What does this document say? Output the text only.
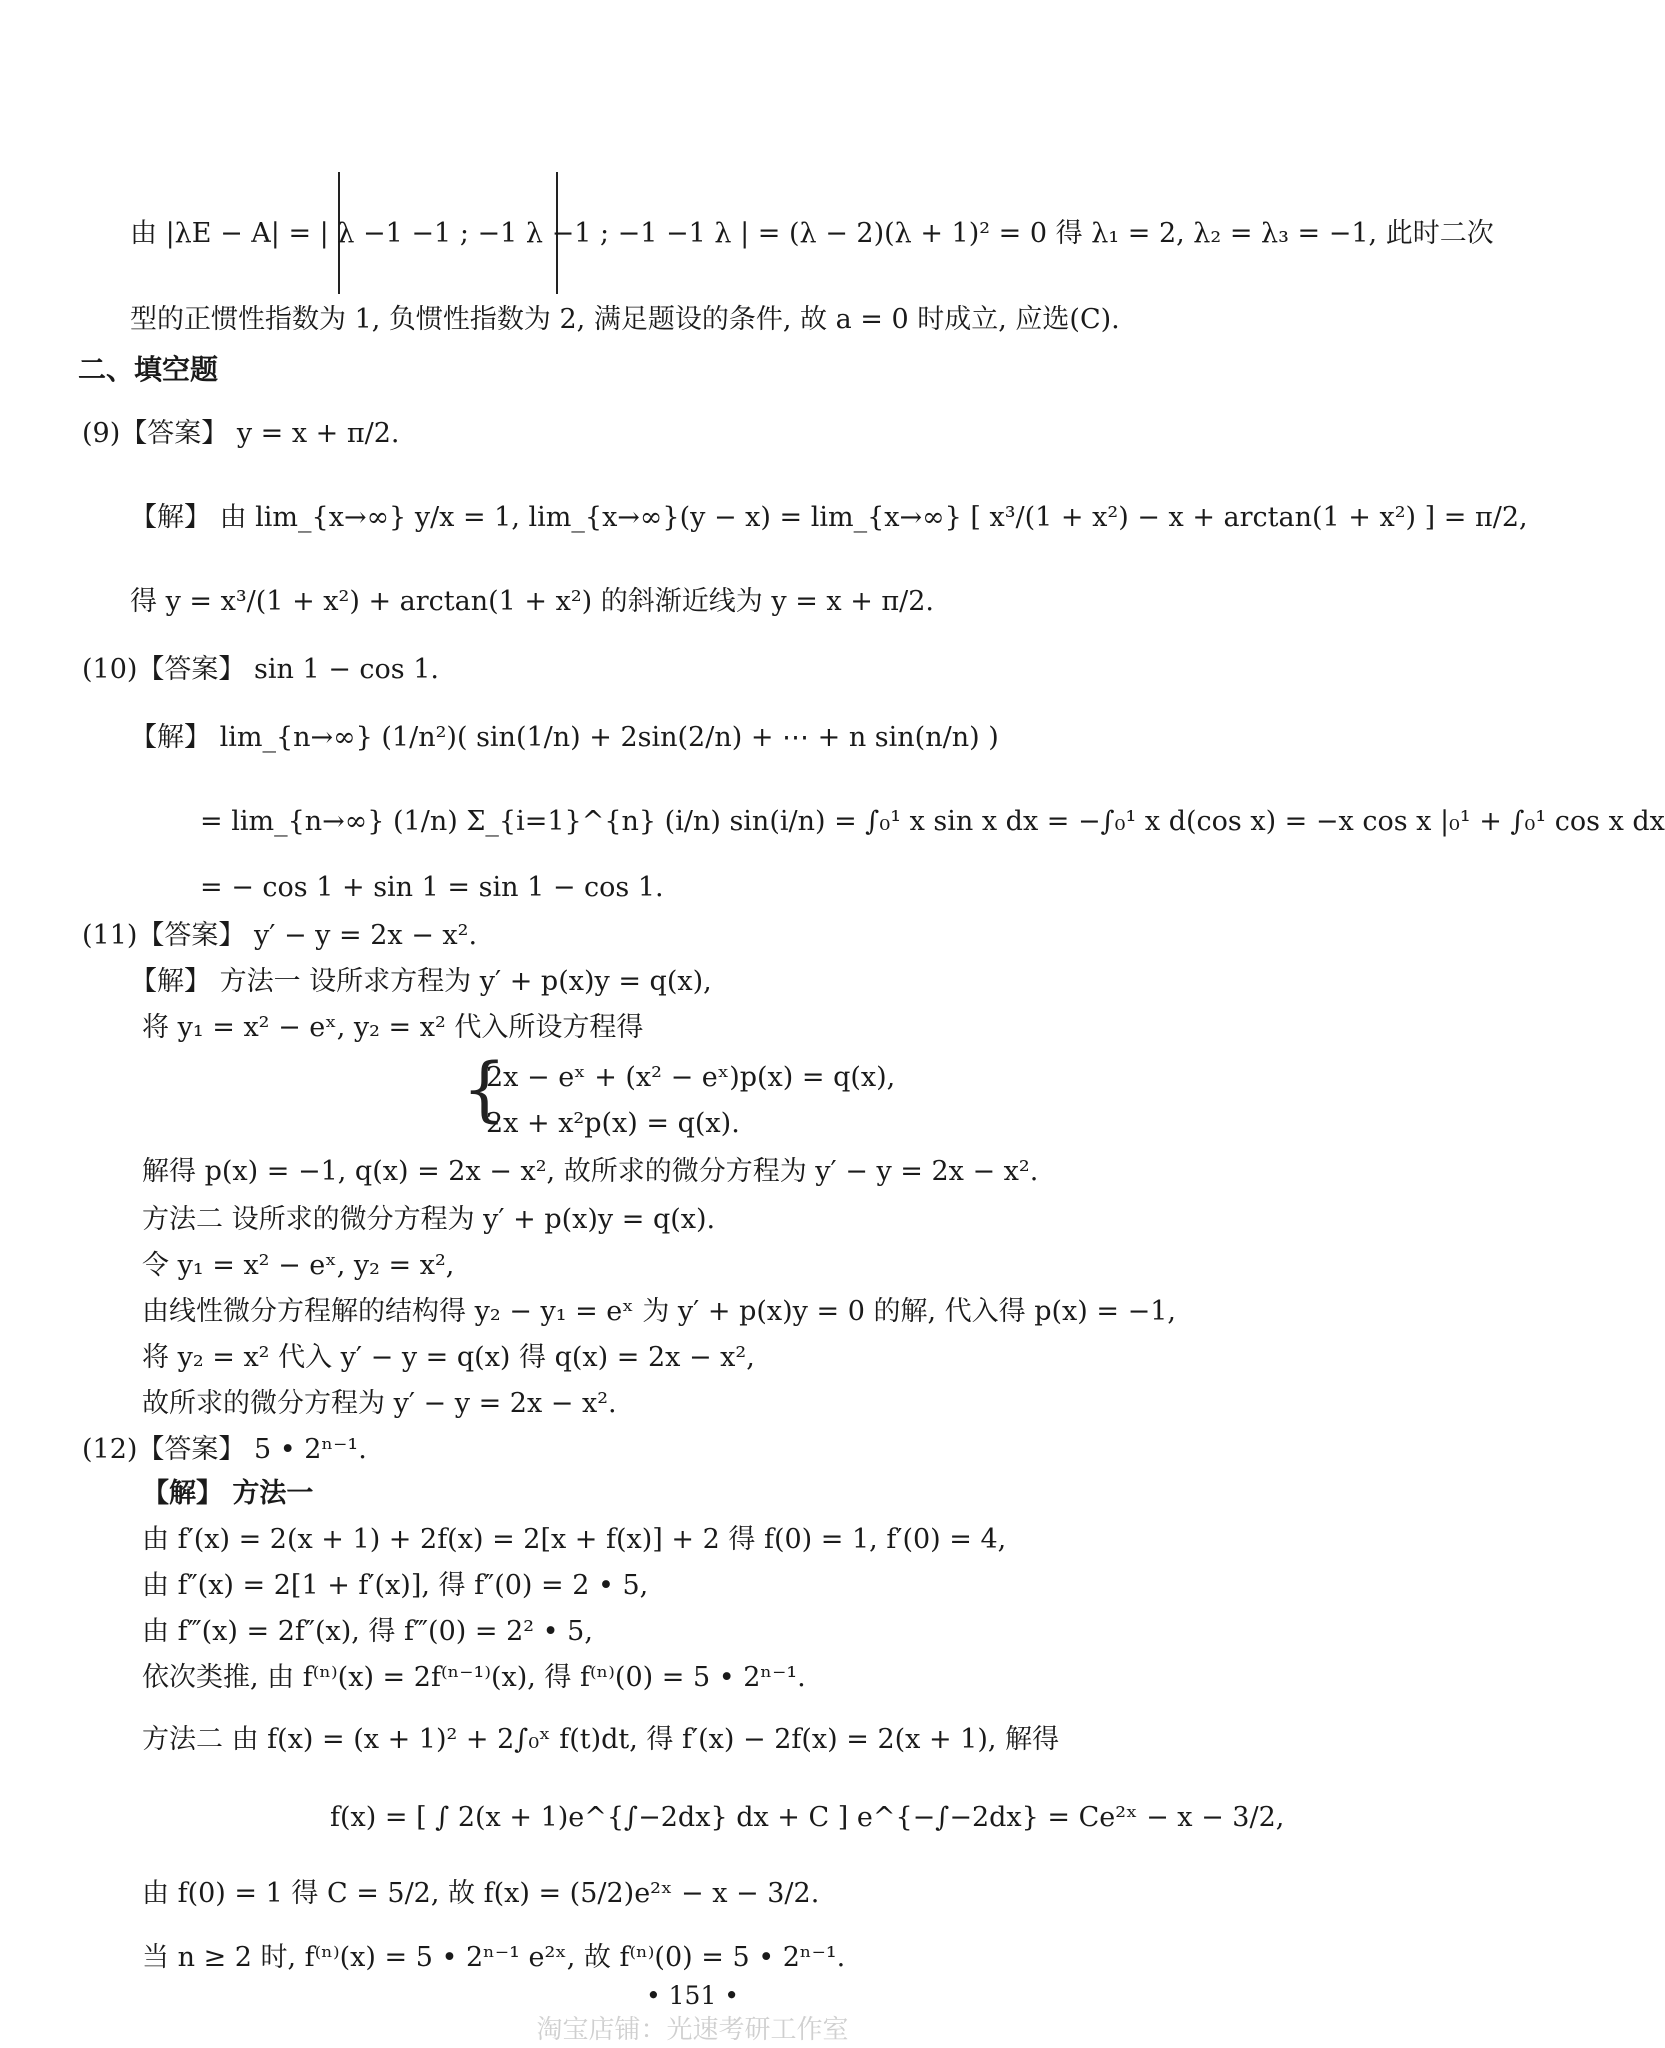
由 |λE − A| = | λ −1 −1 ; −1 λ −1 ; −1 −1 λ | = (λ − 2)(λ + 1)² = 0 得 λ₁ = 2, λ₂ = λ₃ = −1, 此时二次
型的正惯性指数为 1, 负惯性指数为 2, 满足题设的条件, 故 a = 0 时成立, 应选(C).
二、填空题
(9)【答案】 y = x + π/2.
【解】 由 lim_{x→∞} y/x = 1, lim_{x→∞}(y − x) = lim_{x→∞} [ x³/(1 + x²) − x + arctan(1 + x²) ] = π/2,
得 y = x³/(1 + x²) + arctan(1 + x²) 的斜渐近线为 y = x + π/2.
(10)【答案】 sin 1 − cos 1.
【解】 lim_{n→∞} (1/n²)( sin(1/n) + 2sin(2/n) + ⋯ + n sin(n/n) )
= lim_{n→∞} (1/n) Σ_{i=1}^{n} (i/n) sin(i/n) = ∫₀¹ x sin x dx = −∫₀¹ x d(cos x) = −x cos x |₀¹ + ∫₀¹ cos x dx
= − cos 1 + sin 1 = sin 1 − cos 1.
(11)【答案】 y′ − y = 2x − x².
【解】 方法一 设所求方程为 y′ + p(x)y = q(x),
将 y₁ = x² − eˣ, y₂ = x² 代入所设方程得
{
2x − eˣ + (x² − eˣ)p(x) = q(x),
2x + x²p(x) = q(x).
解得 p(x) = −1, q(x) = 2x − x², 故所求的微分方程为 y′ − y = 2x − x².
方法二 设所求的微分方程为 y′ + p(x)y = q(x).
令 y₁ = x² − eˣ, y₂ = x²,
由线性微分方程解的结构得 y₂ − y₁ = eˣ 为 y′ + p(x)y = 0 的解, 代入得 p(x) = −1,
将 y₂ = x² 代入 y′ − y = q(x) 得 q(x) = 2x − x²,
故所求的微分方程为 y′ − y = 2x − x².
(12)【答案】 5 • 2ⁿ⁻¹.
【解】 方法一
由 f′(x) = 2(x + 1) + 2f(x) = 2[x + f(x)] + 2 得 f(0) = 1, f′(0) = 4,
由 f″(x) = 2[1 + f′(x)], 得 f″(0) = 2 • 5,
由 f‴(x) = 2f″(x), 得 f‴(0) = 2² • 5,
依次类推, 由 f⁽ⁿ⁾(x) = 2f⁽ⁿ⁻¹⁾(x), 得 f⁽ⁿ⁾(0) = 5 • 2ⁿ⁻¹.
方法二 由 f(x) = (x + 1)² + 2∫₀ˣ f(t)dt, 得 f′(x) − 2f(x) = 2(x + 1), 解得
f(x) = [ ∫ 2(x + 1)e^{∫−2dx} dx + C ] e^{−∫−2dx} = Ce²ˣ − x − 3/2,
由 f(0) = 1 得 C = 5/2, 故 f(x) = (5/2)e²ˣ − x − 3/2.
当 n ≥ 2 时, f⁽ⁿ⁾(x) = 5 • 2ⁿ⁻¹ e²ˣ, 故 f⁽ⁿ⁾(0) = 5 • 2ⁿ⁻¹.
• 151 •
淘宝店铺：光速考研工作室
